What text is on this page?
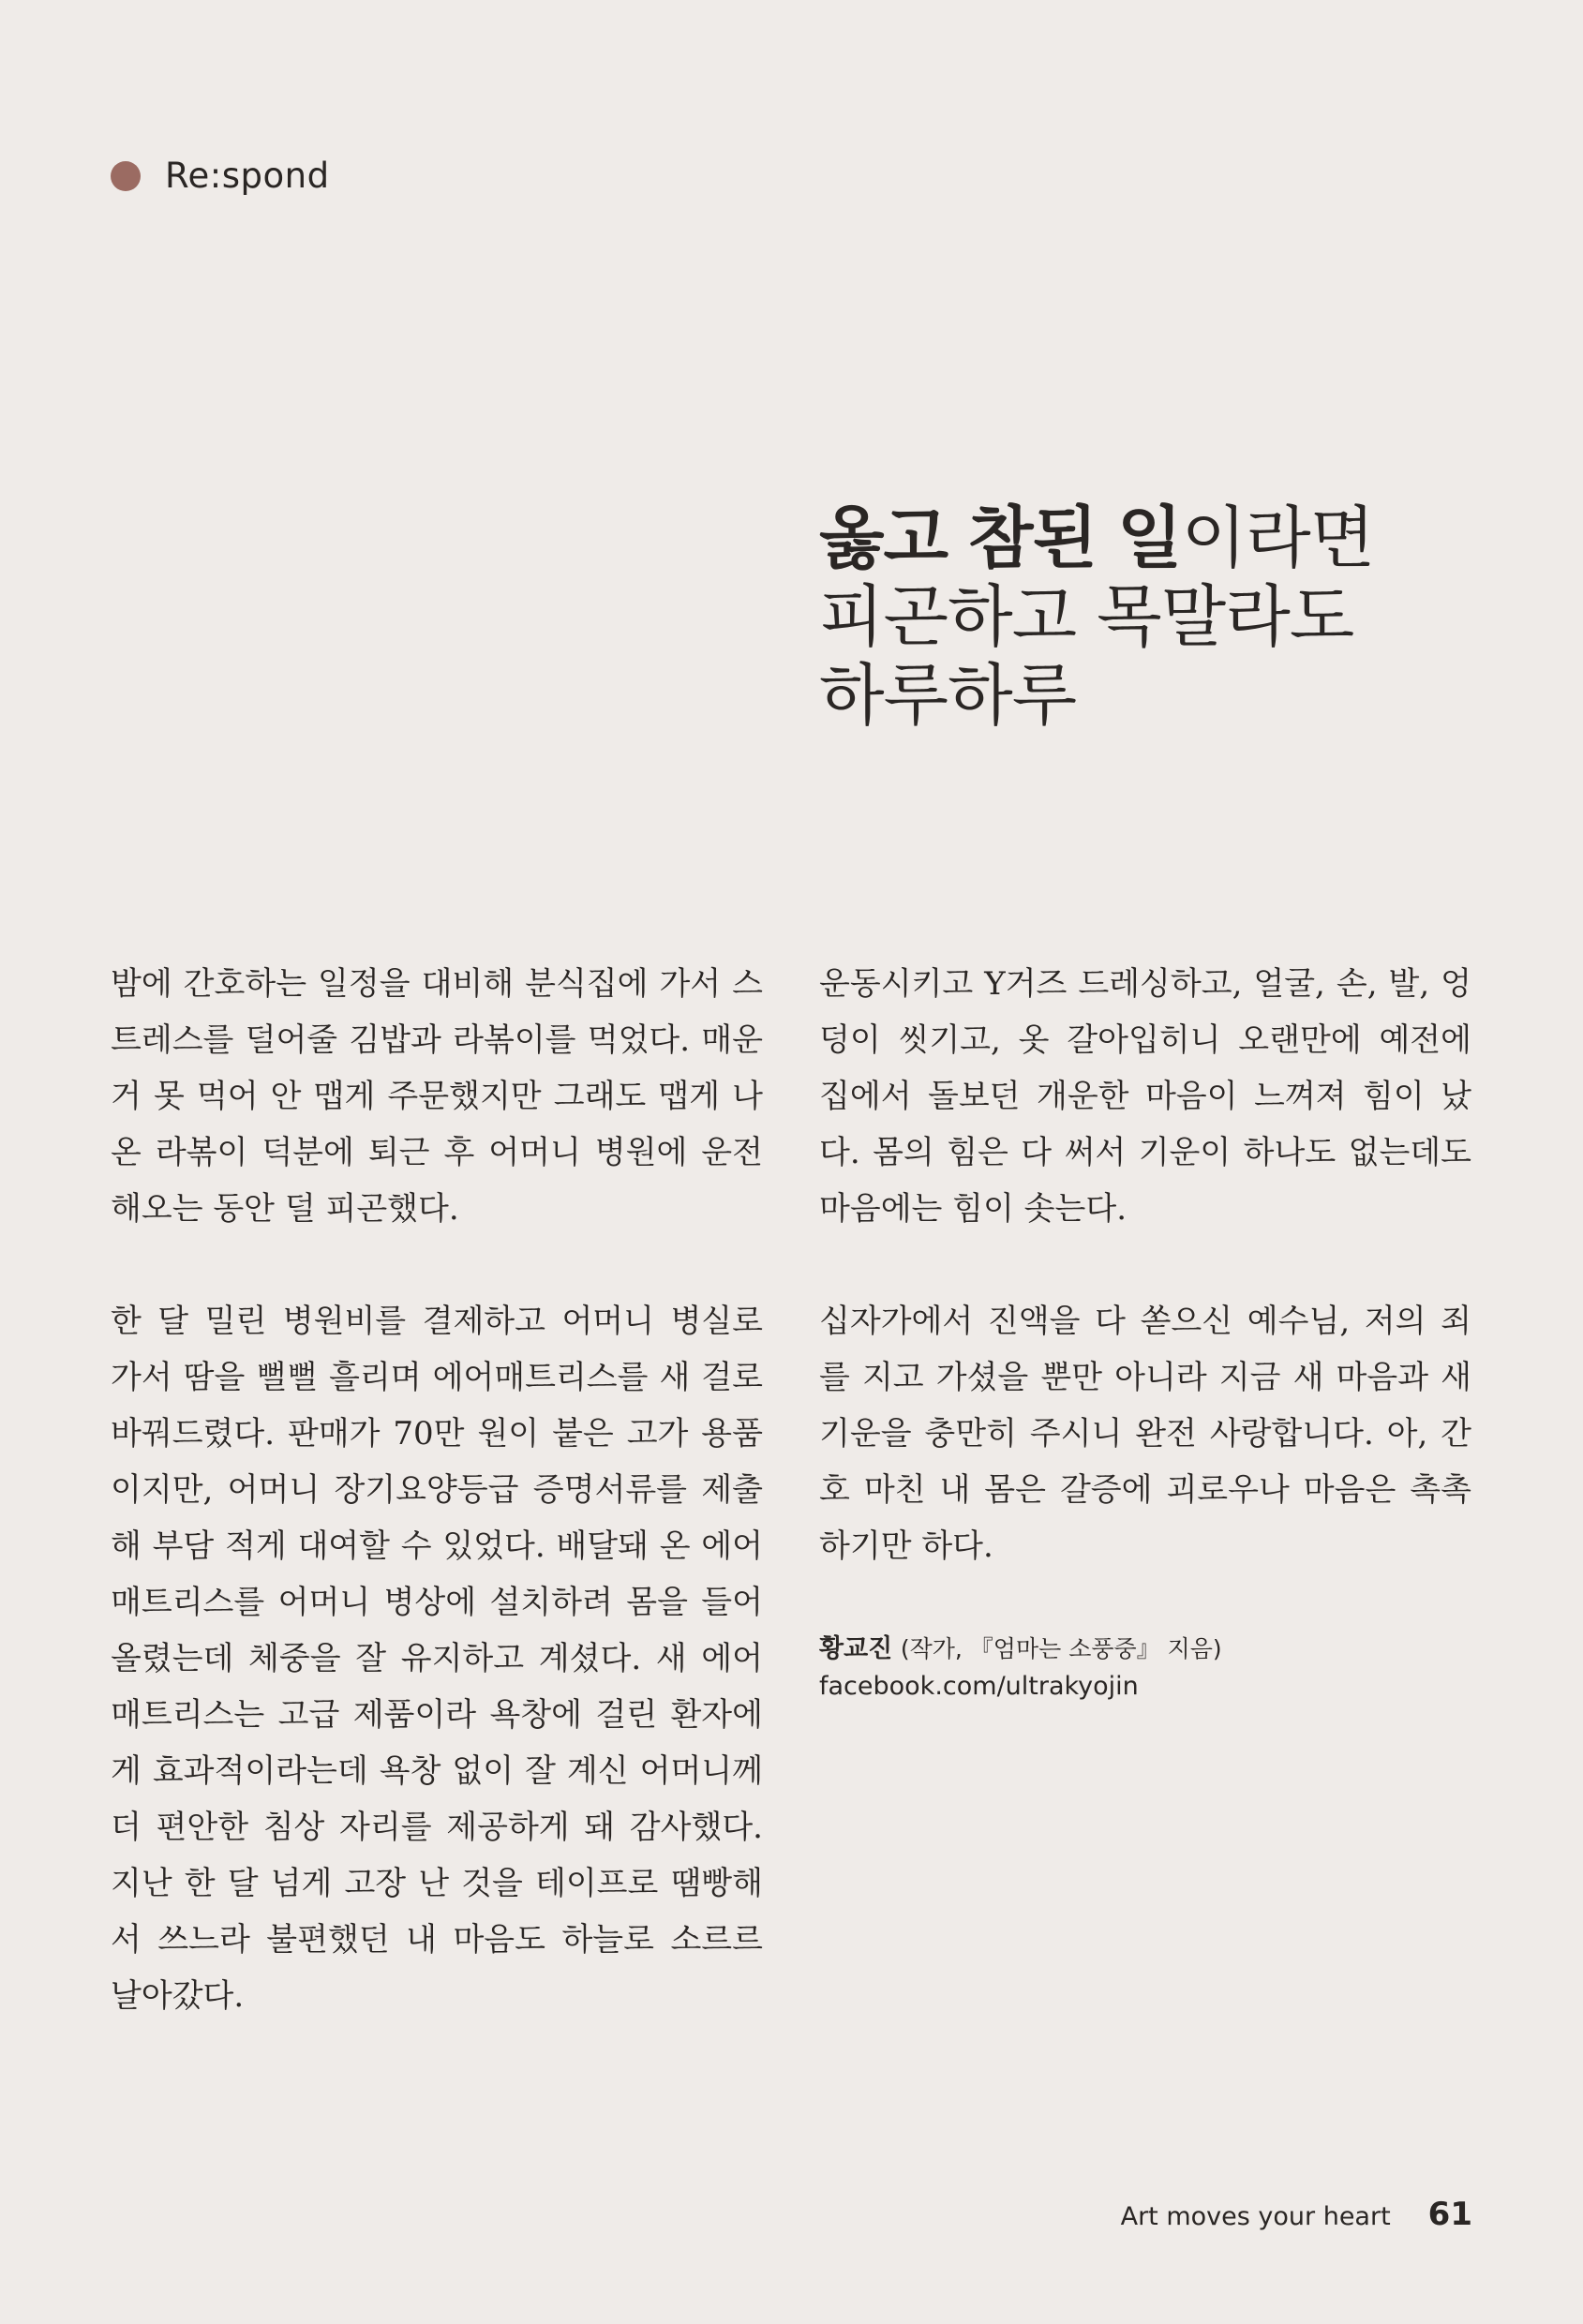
Re:spond
옳고 참된 일이라면
피곤하고 목말라도
하루하루

밤에 간호하는 일정을 대비해 분식집에 가서 스트레스를 덜어줄 김밥과 라볶이를 먹었다. 매운 거 못 먹어 안 맵게 주문했지만 그래도 맵게 나온 라볶이 덕분에 퇴근 후 어머니 병원에 운전해오는 동안 덜 피곤했다.

한 달 밀린 병원비를 결제하고 어머니 병실로 가서 땀을 뻘뻘 흘리며 에어매트리스를 새 걸로 바꿔드렸다. 판매가 70만 원이 붙은 고가 용품이지만, 어머니 장기요양등급 증명서류를 제출해 부담 적게 대여할 수 있었다. 배달돼 온 에어매트리스를 어머니 병상에 설치하려 몸을 들어 올렸는데 체중을 잘 유지하고 계셨다. 새 에어매트리스는 고급 제품이라 욕창에 걸린 환자에게 효과적이라는데 욕창 없이 잘 계신 어머니께 더 편안한 침상 자리를 제공하게 돼 감사했다. 지난 한 달 넘게 고장 난 것을 테이프로 땜빵해서 쓰느라 불편했던 내 마음도 하늘로 소르르 날아갔다.

운동시키고 Y거즈 드레싱하고, 얼굴, 손, 발, 엉덩이 씻기고, 옷 갈아입히니 오랜만에 예전에 집에서 돌보던 개운한 마음이 느껴져 힘이 났다. 몸의 힘은 다 써서 기운이 하나도 없는데도 마음에는 힘이 솟는다.

십자가에서 진액을 다 쏟으신 예수님, 저의 죄를 지고 가셨을 뿐만 아니라 지금 새 마음과 새 기운을 충만히 주시니 완전 사랑합니다. 아, 간호 마친 내 몸은 갈증에 괴로우나 마음은 촉촉하기만 하다.

황교진 (작가, 『엄마는 소풍중』 지음)
facebook.com/ultrakyojin
Art moves your heart 61
